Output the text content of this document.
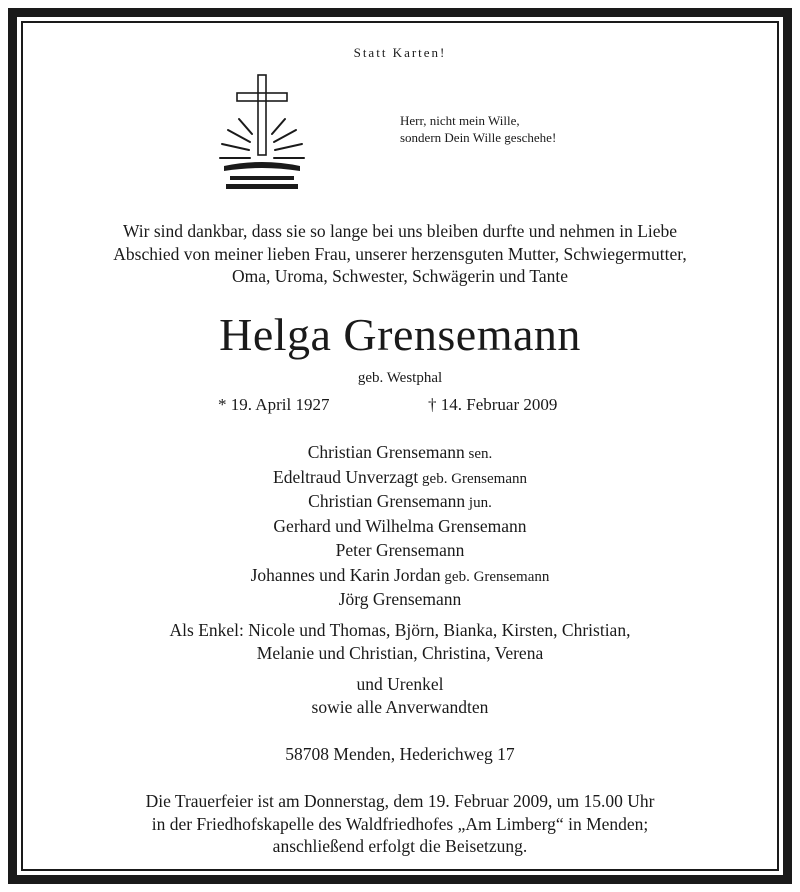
Statt Karten!
Herr, nicht mein Wille,
sondern Dein Wille geschehe!
Wir sind dankbar, dass sie so lange bei uns bleiben durfte und nehmen in Liebe
Abschied von meiner lieben Frau, unserer herzensguten Mutter, Schwiegermutter,
Oma, Uroma, Schwester, Schwägerin und Tante
Helga Grensemann
geb. Westphal
* 19. April 1927	† 14. Februar 2009
Christian Grensemann sen.
Edeltraud Unverzagt geb. Grensemann
Christian Grensemann jun.
Gerhard und Wilhelma Grensemann
Peter Grensemann
Johannes und Karin Jordan geb. Grensemann
Jörg Grensemann
Als Enkel: Nicole und Thomas, Björn, Bianka, Kirsten, Christian,
Melanie und Christian, Christina, Verena
und Urenkel
sowie alle Anverwandten
58708 Menden, Hederichweg 17
Die Trauerfeier ist am Donnerstag, dem 19. Februar 2009, um 15.00 Uhr
in der Friedhofskapelle des Waldfriedhofes „Am Limberg“ in Menden;
anschließend erfolgt die Beisetzung.
